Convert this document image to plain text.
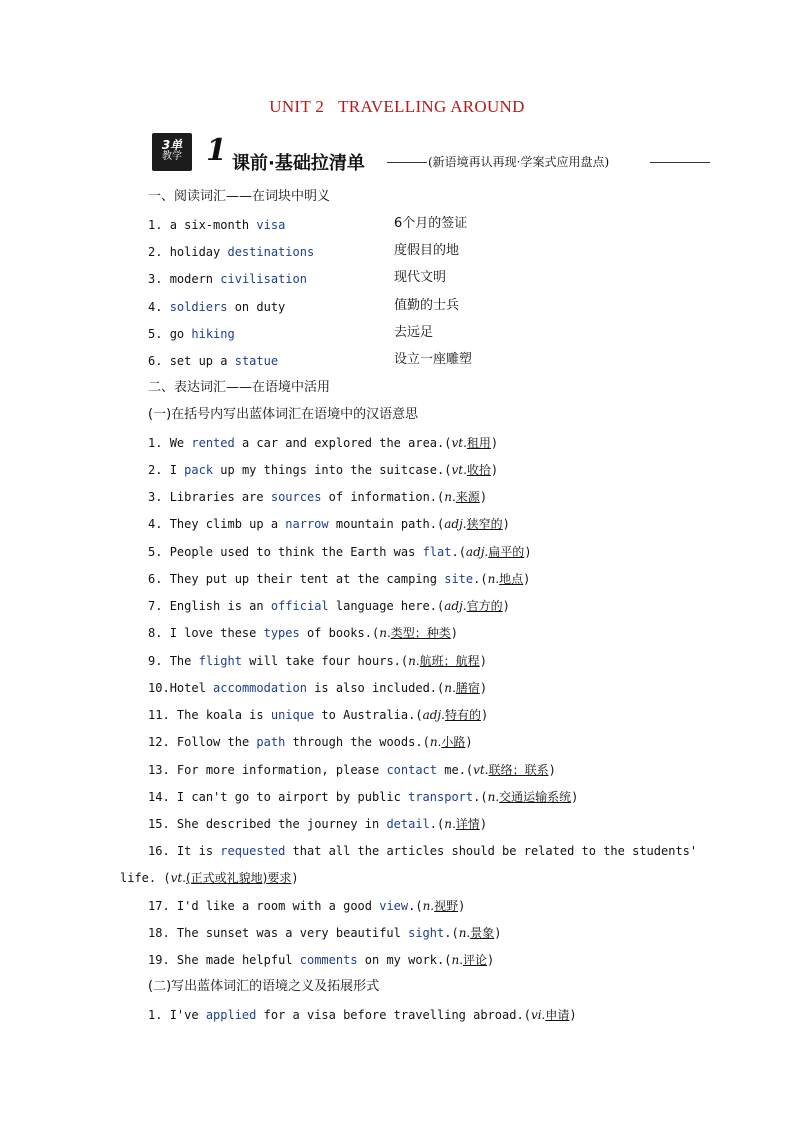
UNIT 2 TRAVELLING AROUND
3单
教学 1 课前·基础拉清单	(新语境再认再现·学案式应用盘点)
一、阅读词汇——在词块中明义
1. a six-month visa	6个月的签证
2. holiday destinations	度假目的地
3. modern civilisation	现代文明
4. soldiers on duty	值勤的士兵
5. go hiking	去远足
6. set up a statue	设立一座雕塑
二、表达词汇——在语境中活用
(一)在括号内写出蓝体词汇在语境中的汉语意思
1. We rented a car and explored the area.(vt.租用)
2. I pack up my things into the suitcase.(vt.收拾)
3. Libraries are sources of information.(n.来源)
4. They climb up a narrow mountain path.(adj.狭窄的)
5. People used to think the Earth was flat.(adj.扁平的)
6. They put up their tent at the camping site.(n.地点)
7. English is an official language here.(adj.官方的)
8. I love these types of books.(n.类型；种类)
9. The flight will take four hours.(n.航班；航程)
10.Hotel accommodation is also included.(n.膳宿)
11. The koala is unique to Australia.(adj.特有的)
12. Follow the path through the woods.(n.小路)
13. For more information, please contact me.(vt.联络；联系)
14. I can't go to airport by public transport.(n.交通运输系统)
15. She described the journey in detail.(n.详情)
16. It is requested that all the articles should be related to the students'
life. (vt.(正式或礼貌地)要求)
17. I'd like a room with a good view.(n.视野)
18. The sunset was a very beautiful sight.(n.景象)
19. She made helpful comments on my work.(n.评论)
(二)写出蓝体词汇的语境之义及拓展形式
1. I've applied for a visa before travelling abroad.(vi.申请)
